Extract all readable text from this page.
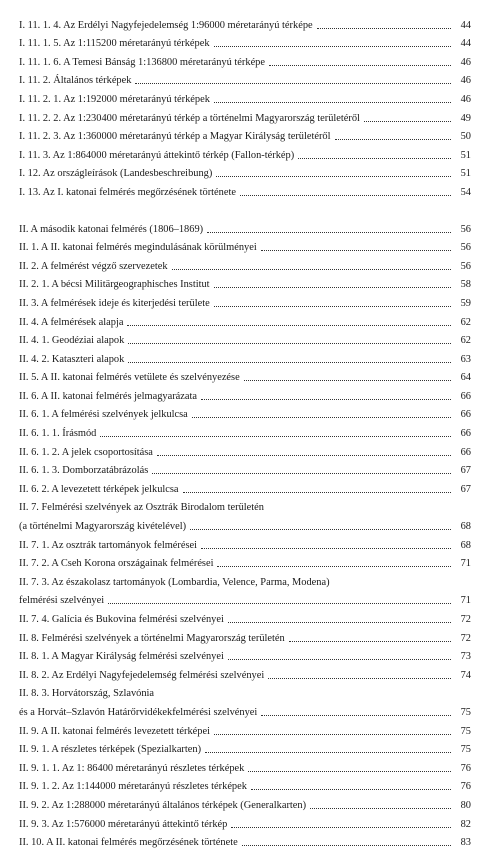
I. 11. 1. 4. Az Erdélyi Nagyfejedelemség 1:96000 méretarányú térképe	44
I. 11. 1. 5. Az 1:115200 méretarányú térképek	44
I. 11. 1. 6. A Temesi Bánság 1:136800 méretarányú térképe	46
I. 11. 2. Általános térképek	46
I. 11. 2. 1. Az 1:192000 méretarányú térképek	46
I. 11. 2. 2. Az 1:230400 méretarányú térkép a történelmi Magyarország területéről	49
I. 11. 2. 3. Az 1:360000 méretarányú térkép a Magyar Királyság területéről	50
I. 11. 3. Az 1:864000 méretarányú áttekintő térkép (Fallon-térkép)	51
I. 12. Az országleírások (Landesbeschreibung)	51
I. 13. Az I. katonai felmérés megőrzésének története	54
II. A második katonai felmérés (1806–1869)	56
II. 1. A II. katonai felmérés megindulásának körülményei	56
II. 2. A felmérést végző szervezetek	56
II. 2. 1. A bécsi Militärgeographisches Institut	58
II. 3. A felmérések ideje és kiterjedési területe	59
II. 4. A felmérések alapja	62
II. 4. 1. Geodéziai alapok	62
II. 4. 2. Kataszteri alapok	63
II. 5. A II. katonai felmérés vetülete és szelvényezése	64
II. 6. A II. katonai felmérés jelmagyarázata	66
II. 6. 1. A felmérési szelvények jelkulcsa	66
II. 6. 1. 1. Írásmód	66
II. 6. 1. 2. A jelek csoportosítása	66
II. 6. 1. 3. Domborzatábrázolás	67
II. 6. 2. A levezetett térképek jelkulcsa	67
II. 7. Felmérési szelvények az Osztrák Birodalom területén
(a történelmi Magyarország kivételével)	68
II. 7. 1. Az osztrák tartományok felmérései	68
II. 7. 2. A Cseh Korona országainak felmérései	71
II. 7. 3. Az északolasz tartományok (Lombardia, Velence, Parma, Modena)
felmérési szelvényei	71
II. 7. 4. Galícia és Bukovina felmérési szelvényei	72
II. 8. Felmérési szelvények a történelmi Magyarország területén	72
II. 8. 1. A Magyar Királyság felmérési szelvényei	73
II. 8. 2. Az Erdélyi Nagyfejedelemség felmérési szelvényei	74
II. 8. 3. Horvátország, Szlavónia
és a Horvát–Szlavón Határőrvidékekfelmérési szelvényei	75
II. 9. A II. katonai felmérés levezetett térképei	75
II. 9. 1. A részletes térképek (Spezialkarten)	75
II. 9. 1. 1. Az 1: 86400 méretarányú részletes térképek	76
II. 9. 1. 2. Az 1:144000 méretarányú részletes térképek	76
II. 9. 2. Az 1:288000 méretarányú általános térképek (Generalkarten)	80
II. 9. 3. Az 1:576000 méretarányú áttekintő térkép	82
II. 10. A II. katonai felmérés megőrzésének története	83
